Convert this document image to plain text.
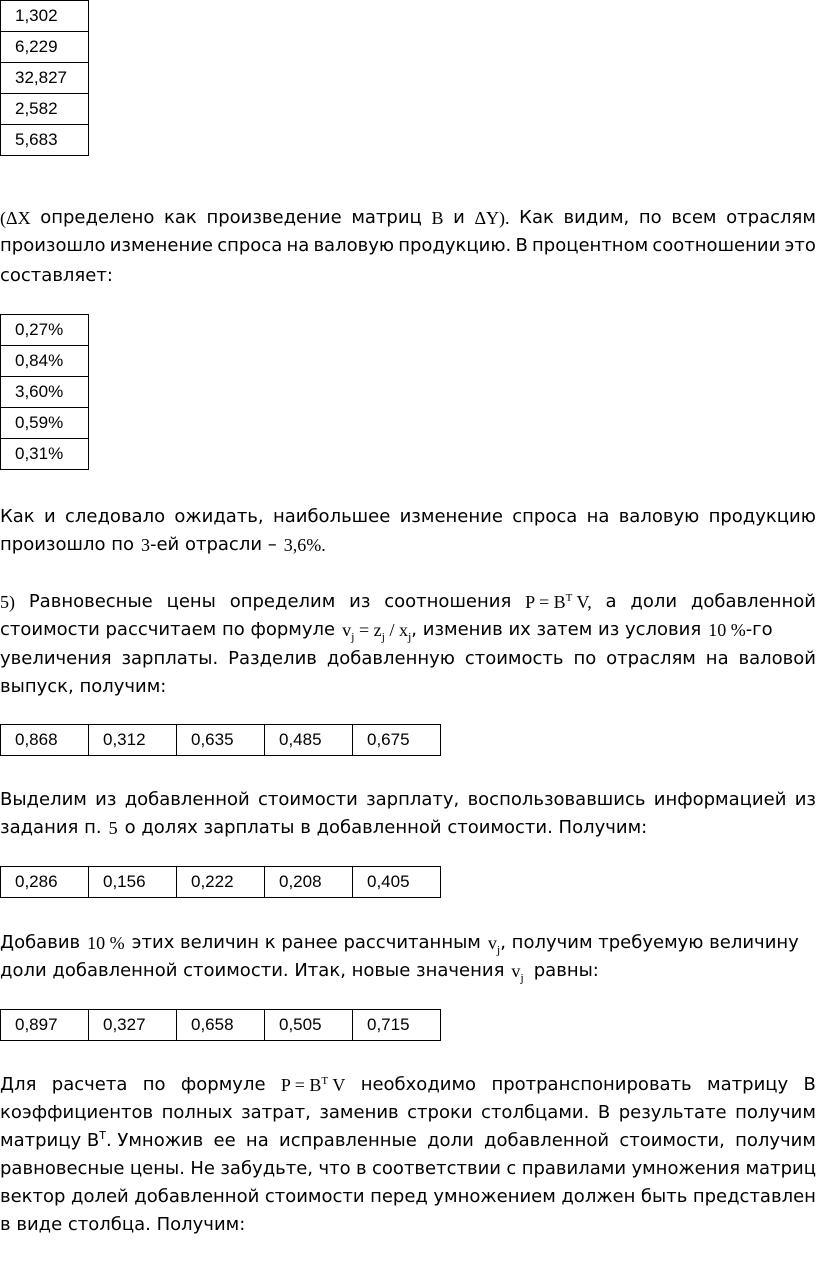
1,302
6,229
32,827
2,582
5,683
(ΔX определено как произведение матриц B и ΔY). Как видим, по всем отраслям
произошло изменение спроса на валовую продукцию. В процентном соотношении это
составляет:
0,27%
0,84%
3,60%
0,59%
0,31%
Как и следовало ожидать, наибольшее изменение спроса на валовую продукцию
произошло по 3 -ей отрасли – 3,6%.
5) Равновесные цены определим из соотношения $P = B^T$ V, а доли добавленной
стоимости рассчитаем по формуле $v_j = z_j / x_j$ , изменив их затем из условия 10 % -го
увеличения зарплаты. Разделив добавленную стоимость по отраслям на валовой
выпуск, получим:
0,868	0,312	0,635	0,485	0,675
Выделим из добавленной стоимости зарплату, воспользовавшись информацией из
задания п. 5 о долях зарплаты в добавленной стоимости. Получим:
0,286	0,156	0,222	0,208	0,405
Добавив 10 % этих величин к ранее рассчитанным $v_j$ , получим требуемую величину
доли добавленной стоимости. Итак, новые значения $v_j$ равны:
0,897	0,327	0,658	0,505	0,715
Для расчета по формуле $P = B^T$ V необходимо протранспонировать матрицу В
коэффициентов полных затрат, заменив строки столбцами. В результате получим
матрицу $В^Т$. Умножив ее на исправленные доли добавленной стоимости, получим
равновесные цены. Не забудьте, что в соответствии с правилами умножения матриц
вектор долей добавленной стоимости перед умножением должен быть представлен
в виде столбца. Получим:
